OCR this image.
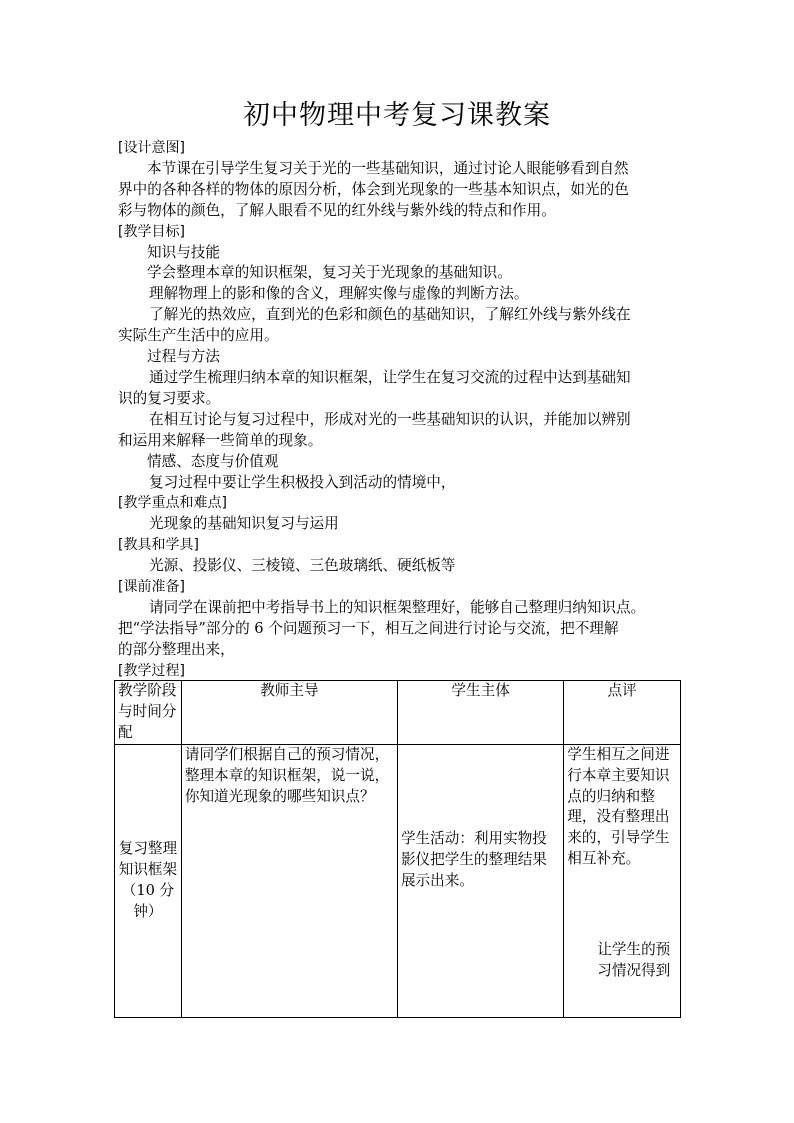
初中物理中考复习课教案

[设计意图]

本节课在引导学生复习关于光的一些基础知识，通过讨论人眼能够看到自然

界中的各种各样的物体的原因分析，体会到光现象的一些基本知识点，如光的色

彩与物体的颜色，了解人眼看不见的红外线与紫外线的特点和作用。

[教学目标]

知识与技能

学会整理本章的知识框架，复习关于光现象的基础知识。

理解物理上的影和像的含义，理解实像与虚像的判断方法。

了解光的热效应，直到光的色彩和颜色的基础知识，了解红外线与紫外线在

实际生产生活中的应用。

过程与方法

通过学生梳理归纳本章的知识框架，让学生在复习交流的过程中达到基础知

识的复习要求。

在相互讨论与复习过程中，形成对光的一些基础知识的认识，并能加以辨别

和运用来解释一些简单的现象。

情感、态度与价值观

复习过程中要让学生积极投入到活动的情境中，

[教学重点和难点]

光现象的基础知识复习与运用

[教具和学具]

光源、投影仪、三棱镜、三色玻璃纸、硬纸板等

[课前准备]

请同学在课前把中考指导书上的知识框架整理好，能够自己整理归纳知识点。

把“学法指导”部分的 6 个问题预习一下，相互之间进行讨论与交流，把不理解

的部分整理出来，

[教学过程]

教学阶段与时间分配	教师主导	学生主体	点评
复习整理知识框架（10 分钟）	请同学们根据自己的预习情况，整理本章的知识框架，说一说，你知道光现象的哪些知识点？	学生活动：利用实物投影仪把学生的整理结果展示出来。	学生相互之间进行本章主要知识点的归纳和整理，没有整理出来的，引导学生相互补充。
让学生的预习情况得到
